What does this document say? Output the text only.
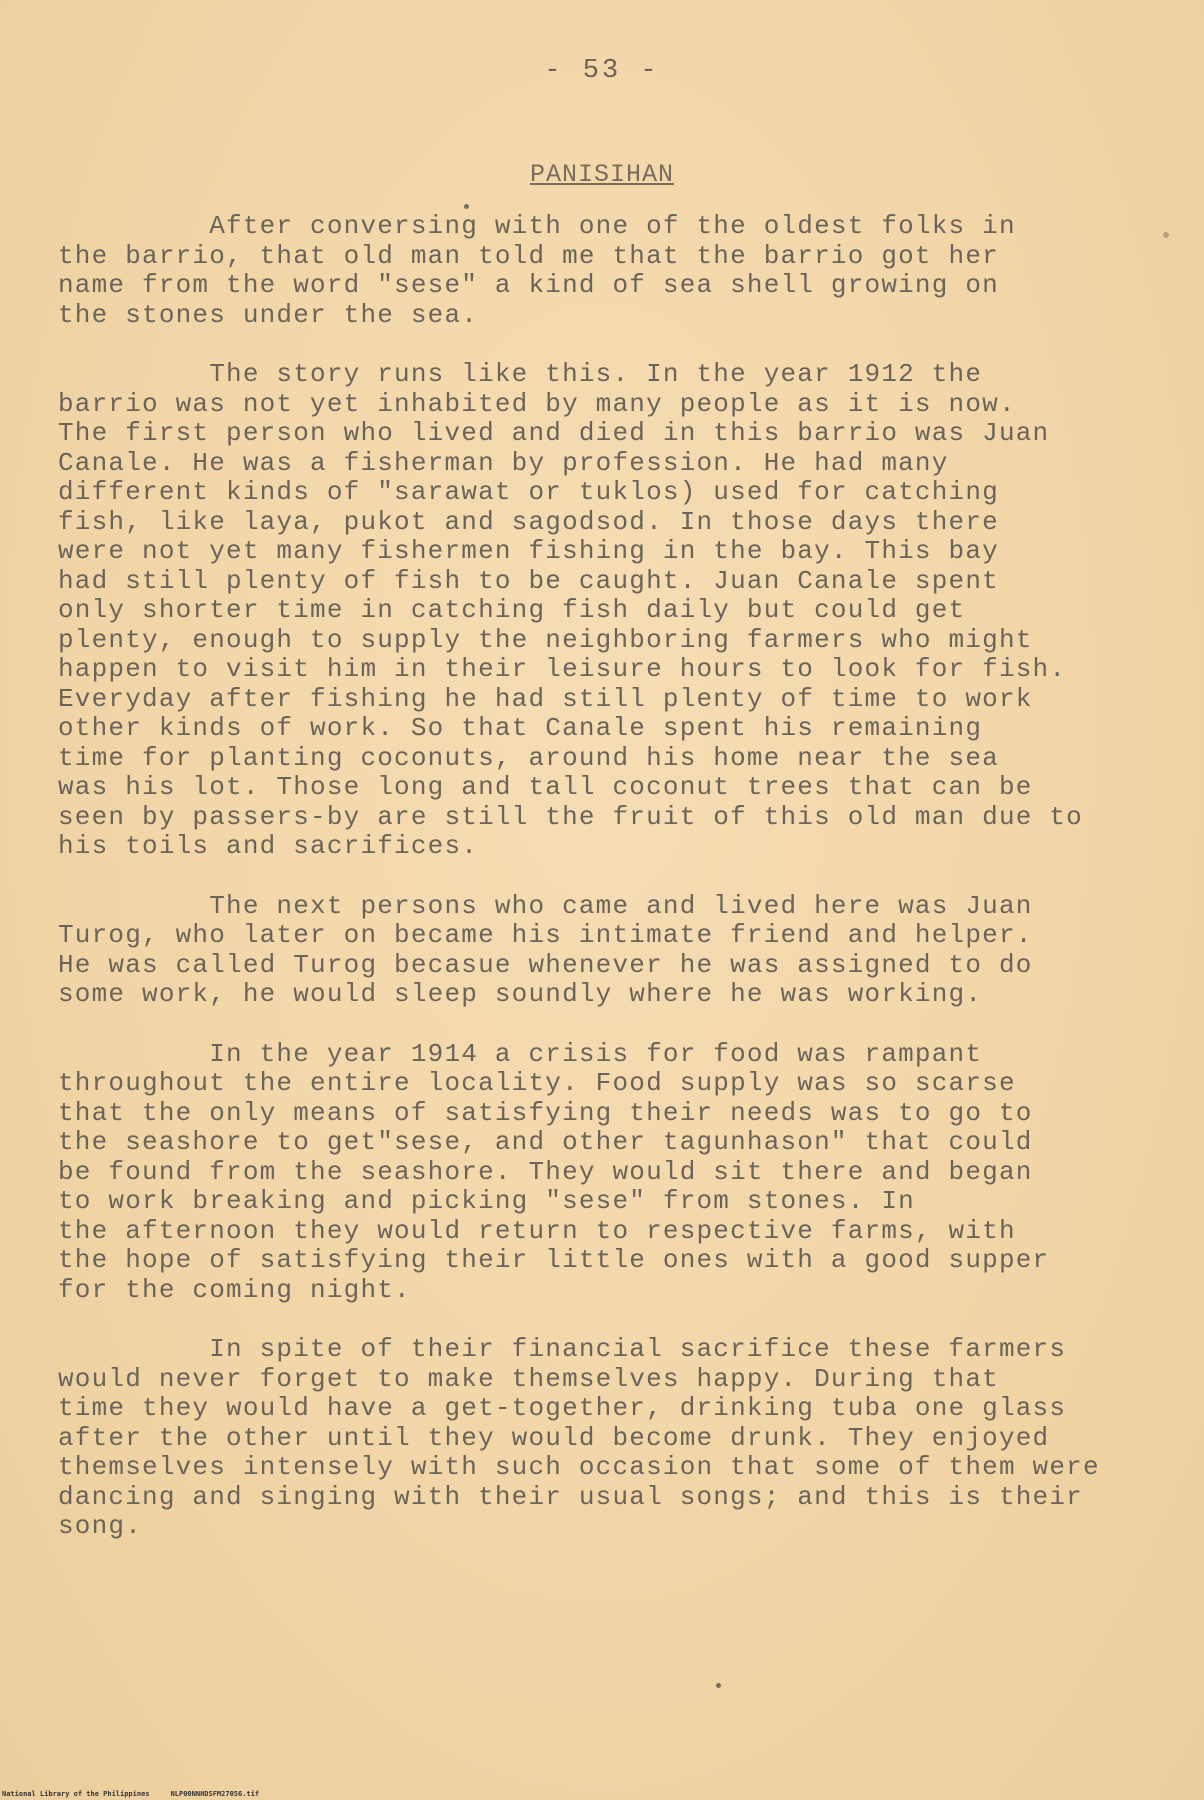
- 53 -
PANISIHAN

After conversing with one of the oldest folks in
the barrio, that old man told me that the barrio got her
name from the word "sese" a kind of sea shell growing on
the stones under the sea.

The story runs like this. In the year 1912 the
barrio was not yet inhabited by many people as it is now.
The first person who lived and died in this barrio was Juan
Canale. He was a fisherman by profession. He had many
different kinds of "sarawat or tuklos) used for catching
fish, like laya, pukot and sagodsod. In those days there
were not yet many fishermen fishing in the bay. This bay
had still plenty of fish to be caught. Juan Canale spent
only shorter time in catching fish daily but could get
plenty, enough to supply the neighboring farmers who might
happen to visit him in their leisure hours to look for fish.
Everyday after fishing he had still plenty of time to work
other kinds of work. So that Canale spent his remaining
time for planting coconuts, around his home near the sea
was his lot. Those long and tall coconut trees that can be
seen by passers-by are still the fruit of this old man due to
his toils and sacrifices.

The next persons who came and lived here was Juan
Turog, who later on became his intimate friend and helper.
He was called Turog becasue whenever he was assigned to do
some work, he would sleep soundly where he was working.

In the year 1914 a crisis for food was rampant
throughout the entire locality. Food supply was so scarse
that the only means of satisfying their needs was to go to
the seashore to get"sese, and other tagunhason" that could
be found from the seashore. They would sit there and began
to work breaking and picking "sese" from stones. In
the afternoon they would return to respective farms, with
the hope of satisfying their little ones with a good supper
for the coming night.

In spite of their financial sacrifice these farmers
would never forget to make themselves happy. During that
time they would have a get-together, drinking tuba one glass
after the other until they would become drunk. They enjoyed
themselves intensely with such occasion that some of them were
dancing and singing with their usual songs; and this is their
song.

National Library of the Philippines     NLP00NNHDSFM27056.tif
